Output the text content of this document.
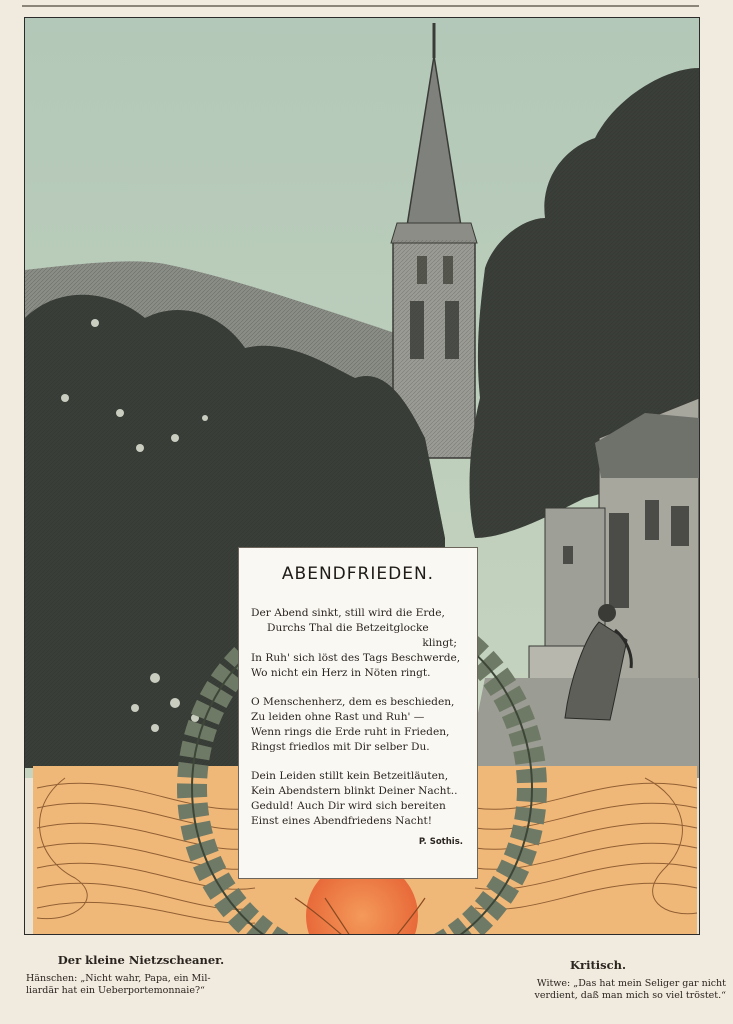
ABENDFRIEDEN.
Der Abend sinkt, still wird die Erde,
Durchs Thal die Betzeitglocke
klingt;
In Ruh' sich löst des Tags Beschwerde,
Wo nicht ein Herz in Nöten ringt.
O Menschenherz, dem es beschieden,
Zu leiden ohne Rast und Ruh' —
Wenn rings die Erde ruht in Frieden,
Ringst friedlos mit Dir selber Du.
Dein Leiden stillt kein Betzeitläuten,
Kein Abendstern blinkt Deiner Nacht..
Geduld! Auch Dir wird sich bereiten
Einst eines Abendfriedens Nacht!
P. Sothis.
Der kleine Nietzscheaner.
Hänschen: „Nicht wahr, Papa, ein Mil-
liardär hat ein Ueberportemonnaie?“
Kritisch.
Witwe: „Das hat mein Seliger gar nicht
verdient, daß man mich so viel tröstet.“
